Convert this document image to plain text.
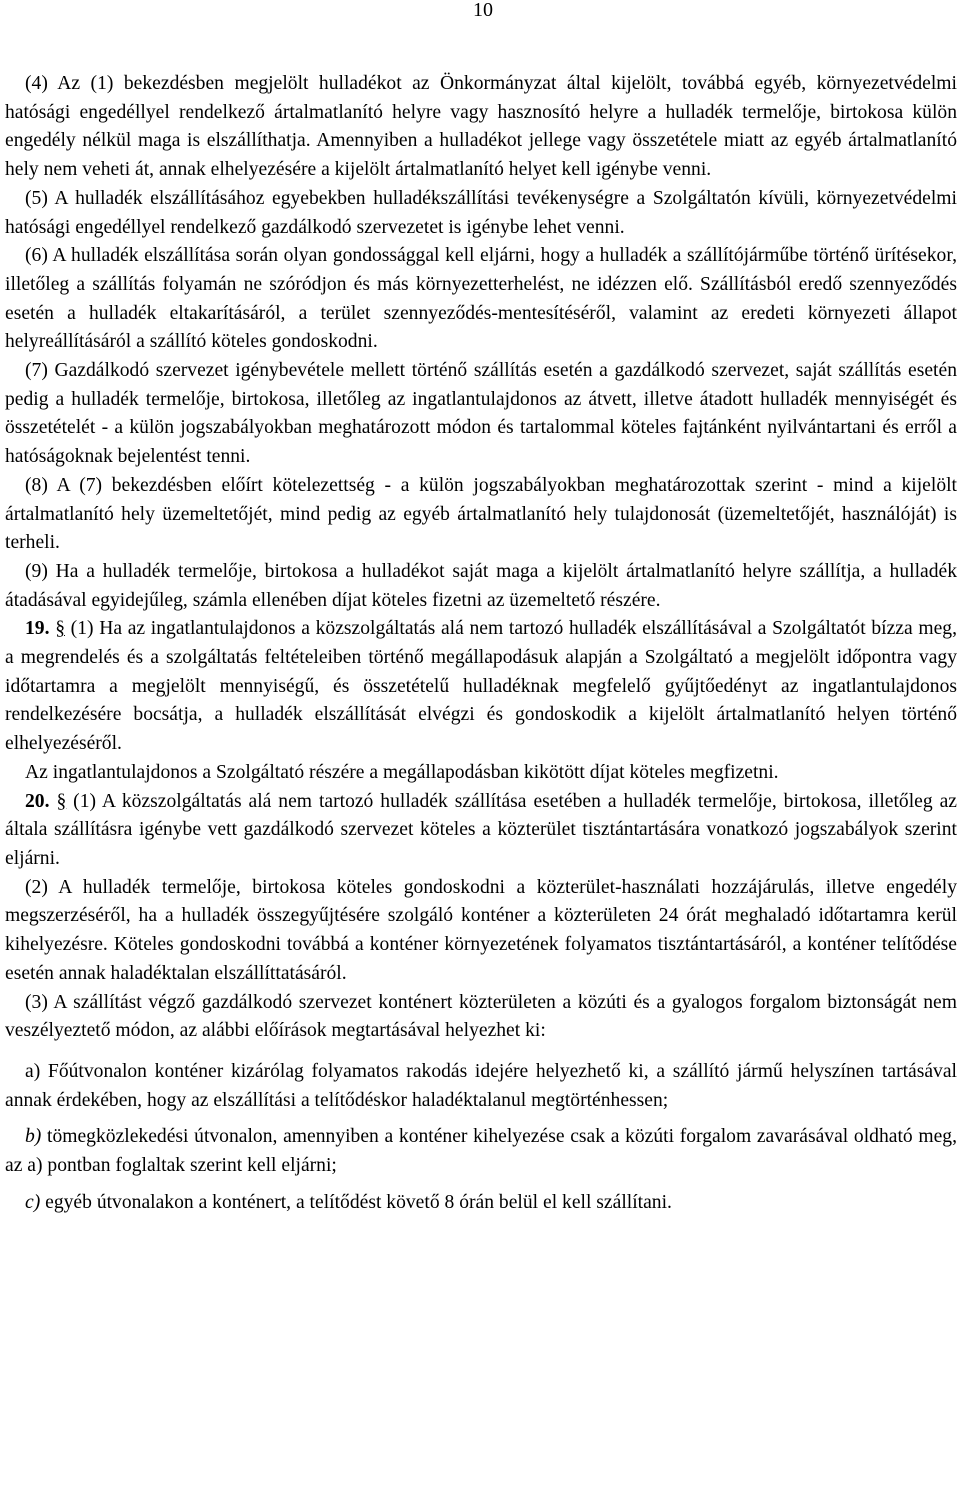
10

(4) Az (1) bekezdésben megjelölt hulladékot az Önkormányzat által kijelölt, továbbá egyéb, környezetvédelmi hatósági engedéllyel rendelkező ártalmatlanító helyre vagy hasznosító helyre a hulladék termelője, birtokosa külön engedély nélkül maga is elszállíthatja. Amennyiben a hulladékot jellege vagy összetétele miatt az egyéb ártalmatlanító hely nem veheti át, annak elhelyezésére a kijelölt ártalmatlanító helyet kell igénybe venni.

(5) A hulladék elszállításához egyebekben hulladékszállítási tevékenységre a Szolgáltatón kívüli, környezetvédelmi hatósági engedéllyel rendelkező gazdálkodó szervezetet is igénybe lehet venni.

(6) A hulladék elszállítása során olyan gondossággal kell eljárni, hogy a hulladék a szállítójárműbe történő ürítésekor, illetőleg a szállítás folyamán ne szóródjon és más környezetterhelést, ne idézzen elő. Szállításból eredő szennyeződés esetén a hulladék eltakarításáról, a terület szennyeződés-mentesítéséről, valamint az eredeti környezeti állapot helyreállításáról a szállító köteles gondoskodni.

(7) Gazdálkodó szervezet igénybevétele mellett történő szállítás esetén a gazdálkodó szervezet, saját szállítás esetén pedig a hulladék termelője, birtokosa, illetőleg az ingatlantulajdonos az átvett, illetve átadott hulladék mennyiségét és összetételét - a külön jogszabályokban meghatározott módon és tartalommal köteles fajtánként nyilvántartani és erről a hatóságoknak bejelentést tenni.

(8) A (7) bekezdésben előírt kötelezettség - a külön jogszabályokban meghatározottak szerint - mind a kijelölt ártalmatlanító hely üzemeltetőjét, mind pedig az egyéb ártalmatlanító hely tulajdonosát (üzemeltetőjét, használóját) is terheli.

(9) Ha a hulladék termelője, birtokosa a hulladékot saját maga a kijelölt ártalmatlanító helyre szállítja, a hulladék átadásával egyidejűleg, számla ellenében díjat köteles fizetni az üzemeltető részére.

19. § (1) Ha az ingatlantulajdonos a közszolgáltatás alá nem tartozó hulladék elszállításával a Szolgáltatót bízza meg, a megrendelés és a szolgáltatás feltételeiben történő megállapodásuk alapján a Szolgáltató a megjelölt időpontra vagy időtartamra a megjelölt mennyiségű, és összetételű hulladéknak megfelelő gyűjtőedényt az ingatlantulajdonos rendelkezésére bocsátja, a hulladék elszállítását elvégzi és gondoskodik a kijelölt ártalmatlanító helyen történő elhelyezéséről.

Az ingatlantulajdonos a Szolgáltató részére a megállapodásban kikötött díjat köteles megfizetni.

20. § (1) A közszolgáltatás alá nem tartozó hulladék szállítása esetében a hulladék termelője, birtokosa, illetőleg az általa szállításra igénybe vett gazdálkodó szervezet köteles a közterület tisztántartására vonatkozó jogszabályok szerint eljárni.

(2) A hulladék termelője, birtokosa köteles gondoskodni a közterület-használati hozzájárulás, illetve engedély megszerzéséről, ha a hulladék összegyűjtésére szolgáló konténer a közterületen 24 órát meghaladó időtartamra kerül kihelyezésre. Köteles gondoskodni továbbá a konténer környezetének folyamatos tisztántartásáról, a konténer telítődése esetén annak haladéktalan elszállíttatásáról.

(3) A szállítást végző gazdálkodó szervezet konténert közterületen a közúti és a gyalogos forgalom biztonságát nem veszélyeztető módon, az alábbi előírások megtartásával helyezhet ki:

a) Főútvonalon konténer kizárólag folyamatos rakodás idejére helyezhető ki, a szállító jármű helyszínen tartásával annak érdekében, hogy az elszállítási a telítődéskor haladéktalanul megtörténhessen;

b) tömegközlekedési útvonalon, amennyiben a konténer kihelyezése csak a közúti forgalom zavarásával oldható meg, az a) pontban foglaltak szerint kell eljárni;

c) egyéb útvonalakon a konténert, a telítődést követő 8 órán belül el kell szállítani.
